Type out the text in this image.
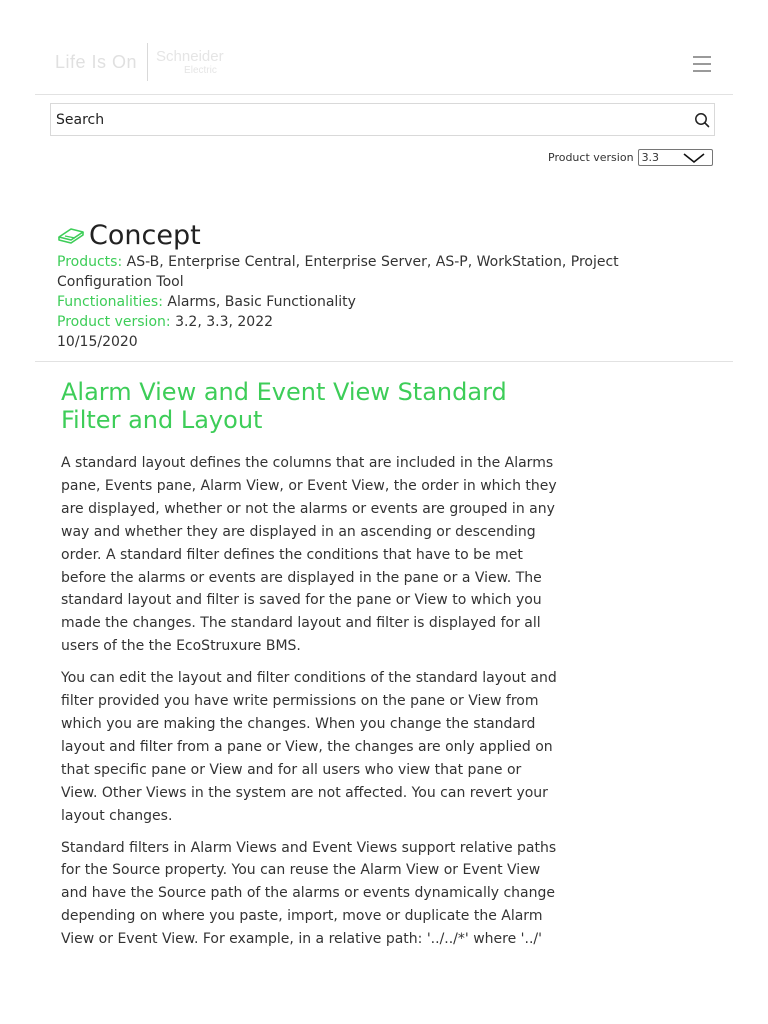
Life Is On	Schneider
Electric
Search
Product version 3.3
Concept
Products: AS-B, Enterprise Central, Enterprise Server, AS-P, WorkStation, Project Configuration Tool
Functionalities: Alarms, Basic Functionality
Product version: 3.2, 3.3, 2022
10/15/2020
Alarm View and Event View Standard Filter and Layout

A standard layout defines the columns that are included in the Alarms pane, Events pane, Alarm View, or Event View, the order in which they are displayed, whether or not the alarms or events are grouped in any way and whether they are displayed in an ascending or descending order. A standard filter defines the conditions that have to be met before the alarms or events are displayed in the pane or a View. The standard layout and filter is saved for the pane or View to which you made the changes. The standard layout and filter is displayed for all users of the the EcoStruxure BMS.

You can edit the layout and filter conditions of the standard layout and filter provided you have write permissions on the pane or View from which you are making the changes. When you change the standard layout and filter from a pane or View, the changes are only applied on that specific pane or View and for all users who view that pane or View. Other Views in the system are not affected. You can revert your layout changes.

Standard filters in Alarm Views and Event Views support relative paths for the Source property. You can reuse the Alarm View or Event View and have the Source path of the alarms or events dynamically change depending on where you paste, import, move or duplicate the Alarm View or Event View. For example, in a relative path: '../../*' where '../'
